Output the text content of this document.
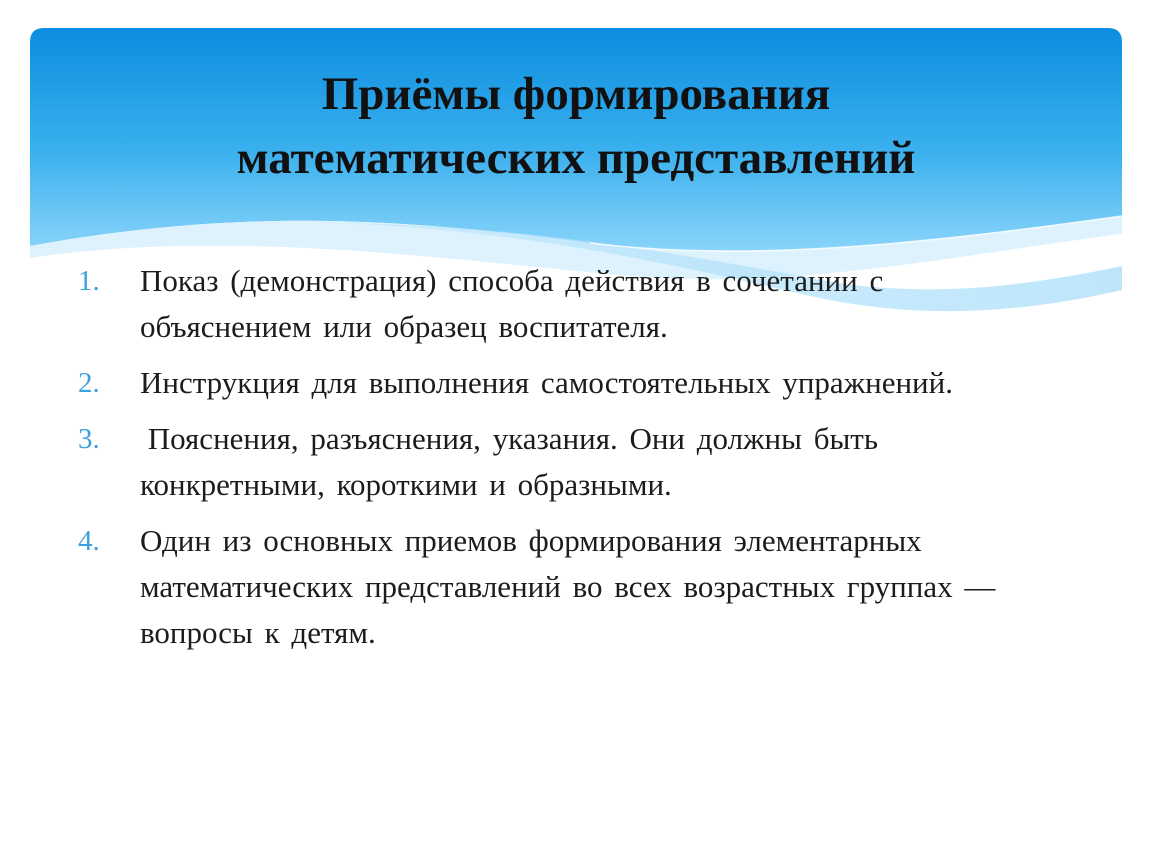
Приёмы формирования
математических представлений
1. Показ (демонстрация) способа действия в сочетании с объяснением или образец воспитателя.
2. Инструкция для выполнения самостоятельных упражнений.
3. Пояснения, разъяснения, указания. Они должны быть конкретными, короткими и образными.
4. Один из основных приемов формирования элементарных математических представлений во всех возрастных группах — вопросы к детям.
